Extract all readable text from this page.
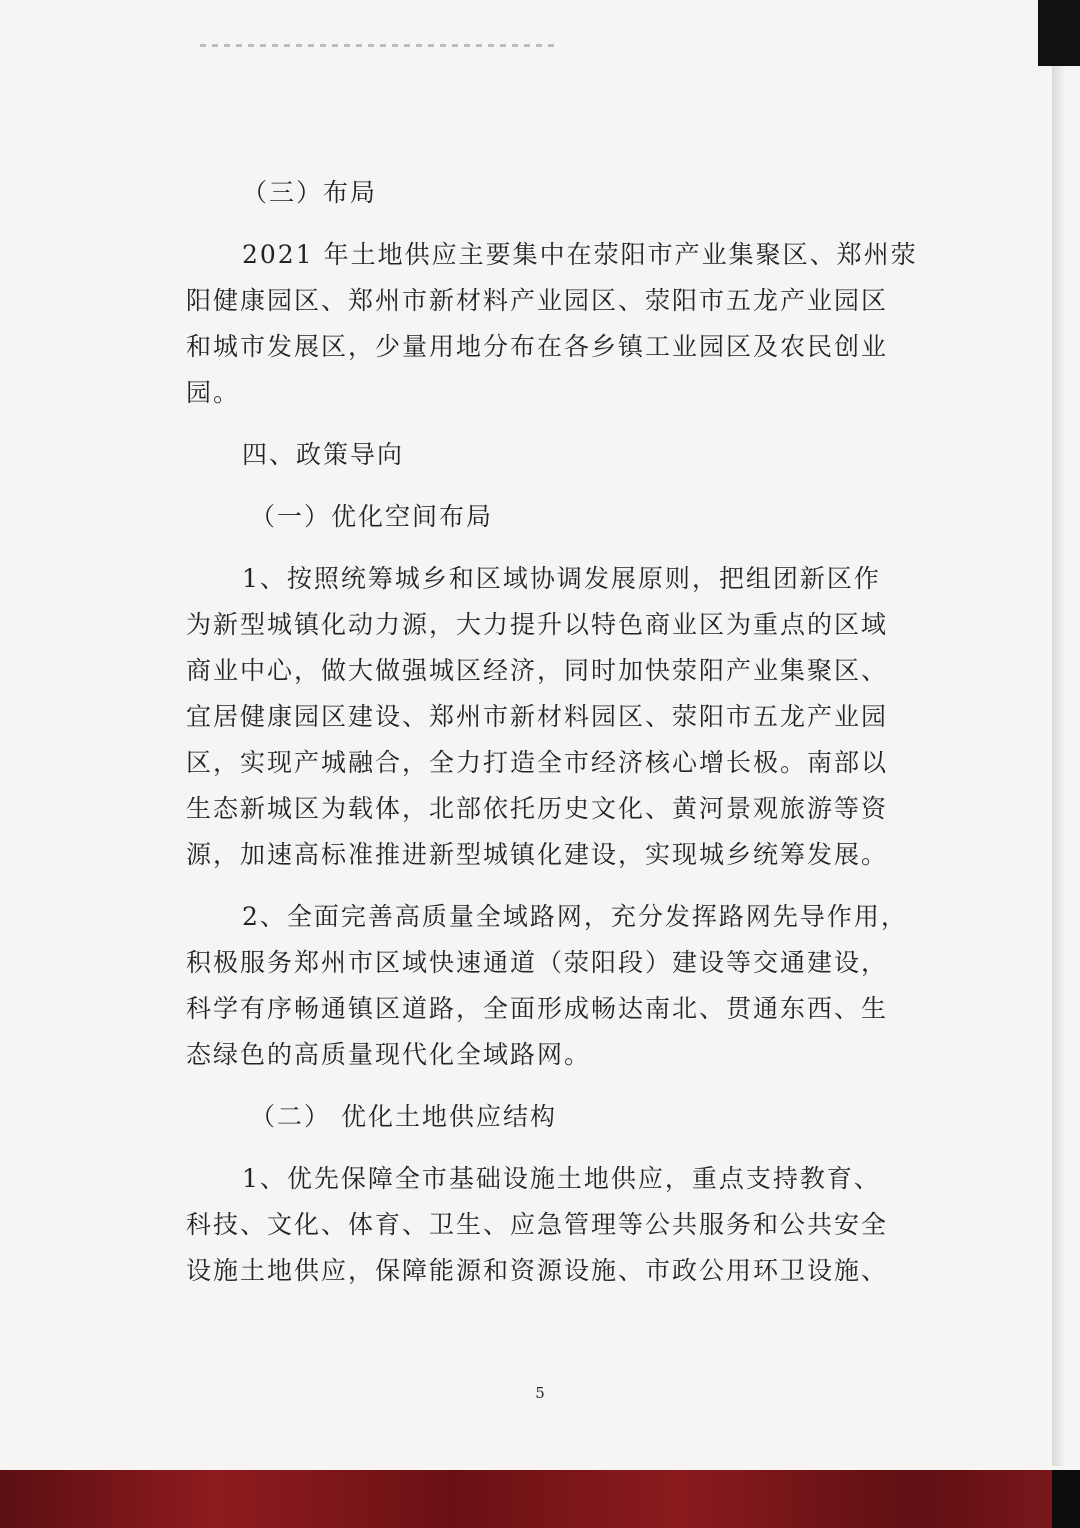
（三）布局
2021 年土地供应主要集中在荥阳市产业集聚区、郑州荥
阳健康园区、郑州市新材料产业园区、荥阳市五龙产业园区
和城市发展区，少量用地分布在各乡镇工业园区及农民创业
园。
四、政策导向
（一）优化空间布局
1、按照统筹城乡和区域协调发展原则，把组团新区作
为新型城镇化动力源，大力提升以特色商业区为重点的区域
商业中心，做大做强城区经济，同时加快荥阳产业集聚区、
宜居健康园区建设、郑州市新材料园区、荥阳市五龙产业园
区，实现产城融合，全力打造全市经济核心增长极。南部以
生态新城区为载体，北部依托历史文化、黄河景观旅游等资
源，加速高标准推进新型城镇化建设，实现城乡统筹发展。
2、全面完善高质量全域路网，充分发挥路网先导作用，
积极服务郑州市区域快速通道（荥阳段）建设等交通建设，
科学有序畅通镇区道路，全面形成畅达南北、贯通东西、生
态绿色的高质量现代化全域路网。
（二） 优化土地供应结构
1、优先保障全市基础设施土地供应，重点支持教育、
科技、文化、体育、卫生、应急管理等公共服务和公共安全
设施土地供应，保障能源和资源设施、市政公用环卫设施、
5
